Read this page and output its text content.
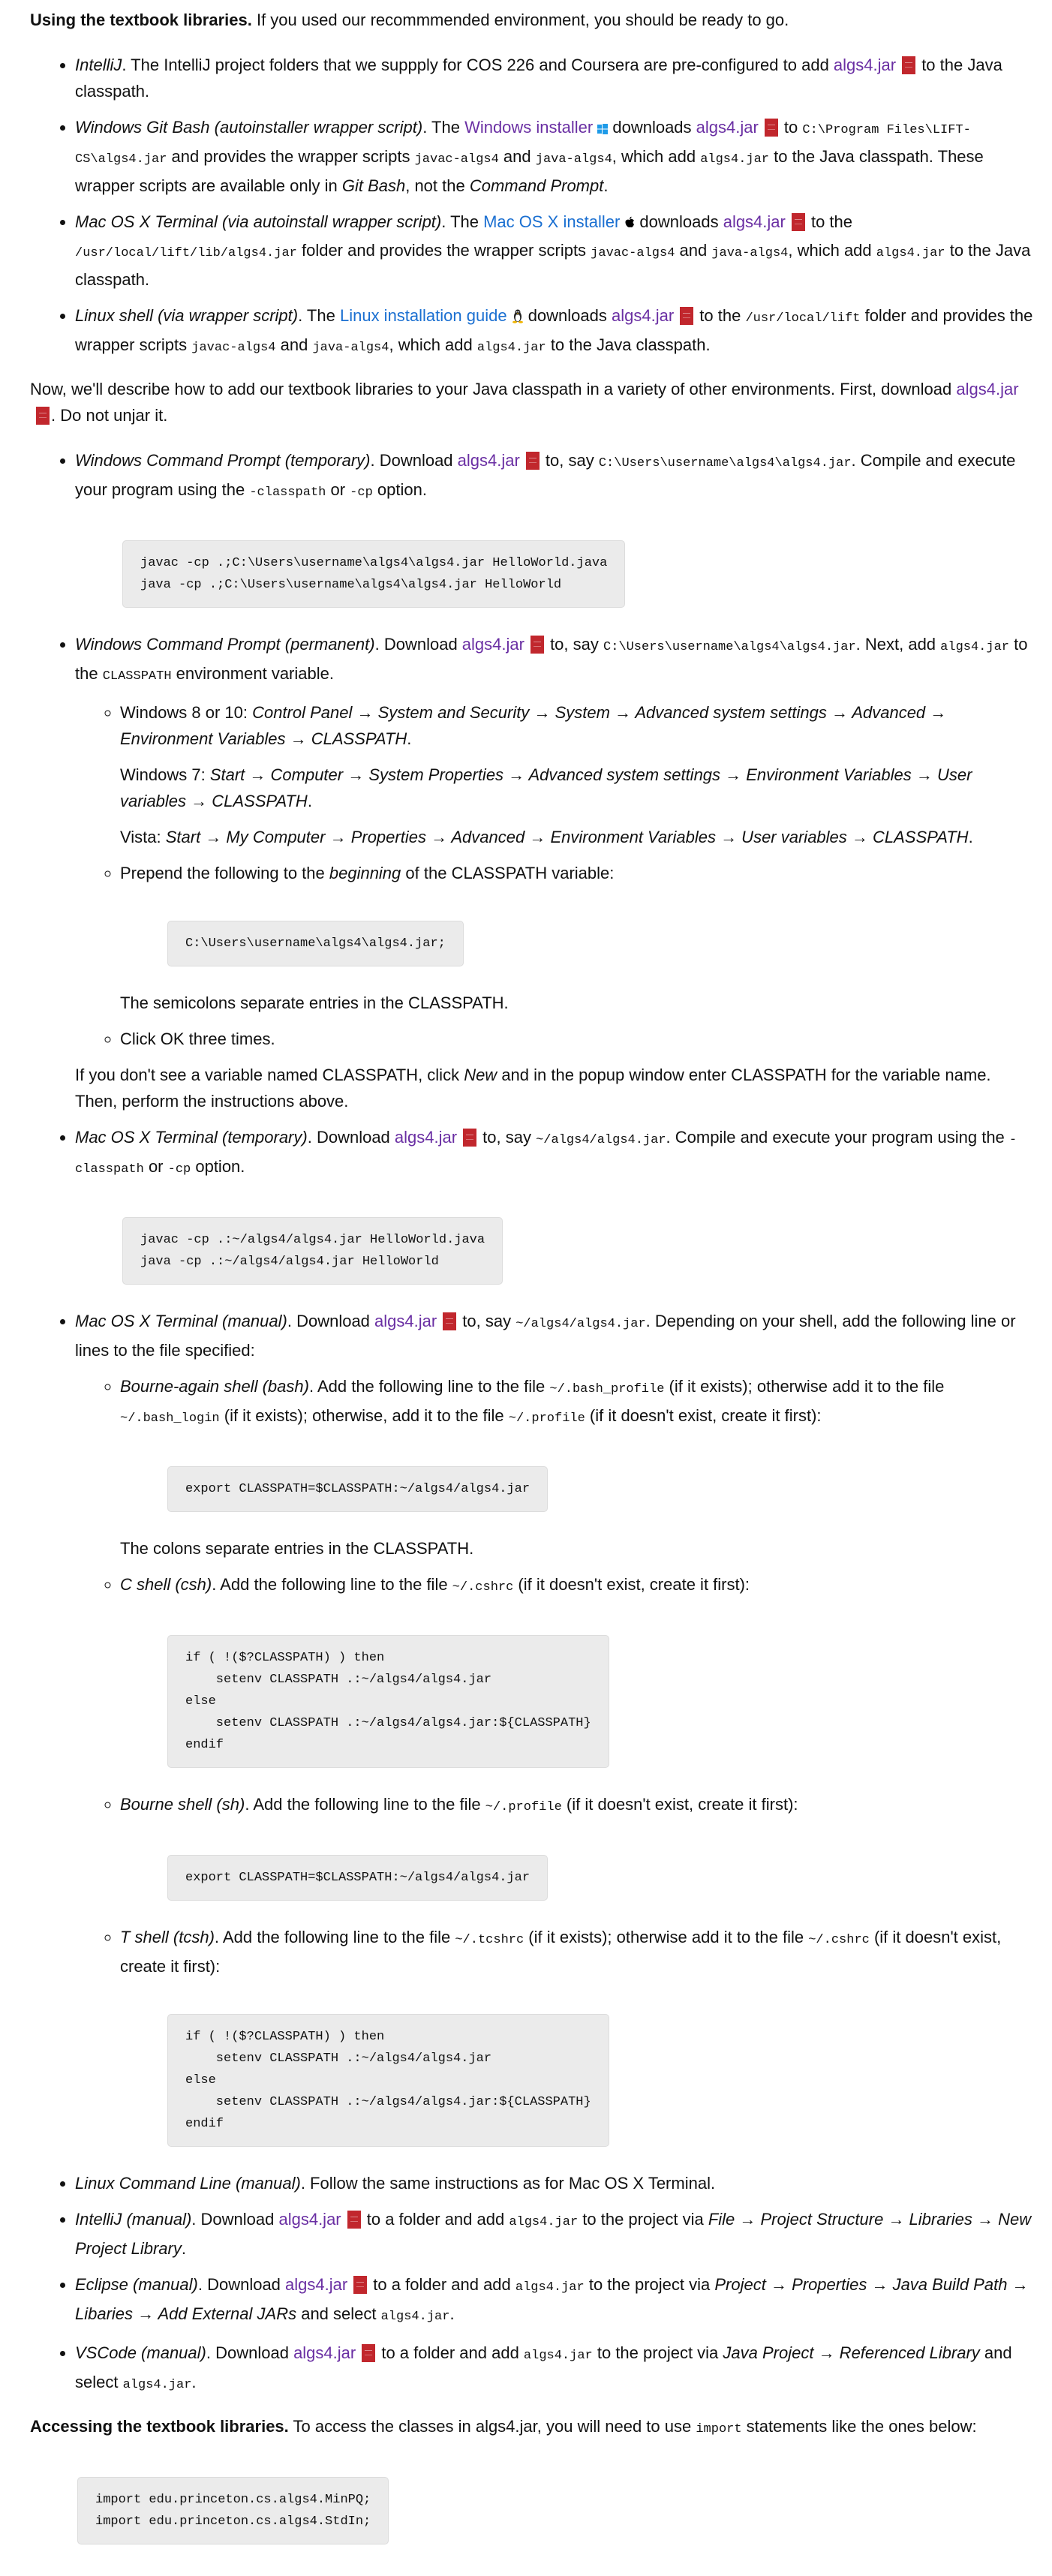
Using the textbook libraries. If you used our recommmended environment, you should be ready to go.

• IntelliJ. The IntelliJ project folders that we suppply for COS 226 and Coursera are pre-configured to add algs4.jar to the Java classpath.

• Windows Git Bash (autoinstaller wrapper script). The Windows installer downloads algs4.jar to C:\Program Files\LIFT-CS\algs4.jar and provides the wrapper scripts javac-algs4 and java-algs4, which add algs4.jar to the Java classpath. These wrapper scripts are available only in Git Bash, not the Command Prompt.

• Mac OS X Terminal (via autoinstall wrapper script). The Mac OS X installer downloads algs4.jar to the /usr/local/lift/lib/algs4.jar folder and provides the wrapper scripts javac-algs4 and java-algs4, which add algs4.jar to the Java classpath.

• Linux shell (via wrapper script). The Linux installation guide downloads algs4.jar to the /usr/local/lift folder and provides the wrapper scripts javac-algs4 and java-algs4, which add algs4.jar to the Java classpath.

Now, we'll describe how to add our textbook libraries to your Java classpath in a variety of other environments. First, download algs4.jar. Do not unjar it.

• Windows Command Prompt (temporary). Download algs4.jar to, say C:\Users\username\algs4\algs4.jar. Compile and execute your program using the -classpath or -cp option.

javac -cp .;C:\Users\username\algs4\algs4.jar HelloWorld.java
java -cp .;C:\Users\username\algs4\algs4.jar HelloWorld

• Windows Command Prompt (permanent). Download algs4.jar to, say C:\Users\username\algs4\algs4.jar. Next, add algs4.jar to the CLASSPATH environment variable.

◦ Windows 8 or 10: Control Panel → System and Security → System → Advanced system settings → Advanced → Environment Variables → CLASSPATH.

Windows 7: Start → Computer → System Properties → Advanced system settings → Environment Variables → User variables → CLASSPATH.

Vista: Start → My Computer → Properties → Advanced → Environment Variables → User variables → CLASSPATH.

◦ Prepend the following to the beginning of the CLASSPATH variable:

C:\Users\username\algs4\algs4.jar;

The semicolons separate entries in the CLASSPATH.

◦ Click OK three times.

If you don't see a variable named CLASSPATH, click New and in the popup window enter CLASSPATH for the variable name. Then, perform the instructions above.

• Mac OS X Terminal (temporary). Download algs4.jar to, say ~/algs4/algs4.jar. Compile and execute your program using the -classpath or -cp option.

javac -cp .:~/algs4/algs4.jar HelloWorld.java
java -cp .:~/algs4/algs4.jar HelloWorld

• Mac OS X Terminal (manual). Download algs4.jar to, say ~/algs4/algs4.jar. Depending on your shell, add the following line or lines to the file specified:

◦ Bourne-again shell (bash). Add the following line to the file ~/.bash_profile (if it exists); otherwise add it to the file ~/.bash_login (if it exists); otherwise, add it to the file ~/.profile (if it doesn't exist, create it first):

export CLASSPATH=$CLASSPATH:~/algs4/algs4.jar

The colons separate entries in the CLASSPATH.

◦ C shell (csh). Add the following line to the file ~/.cshrc (if it doesn't exist, create it first):

if ( !($?CLASSPATH) ) then
setenv CLASSPATH .:~/algs4/algs4.jar
else
setenv CLASSPATH .:~/algs4/algs4.jar:${CLASSPATH}
endif

◦ Bourne shell (sh). Add the following line to the file ~/.profile (if it doesn't exist, create it first):

export CLASSPATH=$CLASSPATH:~/algs4/algs4.jar

◦ T shell (tcsh). Add the following line to the file ~/.tcshrc (if it exists); otherwise add it to the file ~/.cshrc (if it doesn't exist, create it first):

if ( !($?CLASSPATH) ) then
setenv CLASSPATH .:~/algs4/algs4.jar
else
setenv CLASSPATH .:~/algs4/algs4.jar:${CLASSPATH}
endif

• Linux Command Line (manual). Follow the same instructions as for Mac OS X Terminal.

• IntelliJ (manual). Download algs4.jar to a folder and add algs4.jar to the project via File → Project Structure → Libraries → New Project Library.

• Eclipse (manual). Download algs4.jar to a folder and add algs4.jar to the project via Project → Properties → Java Build Path → Libaries → Add External JARs and select algs4.jar.

• VSCode (manual). Download algs4.jar to a folder and add algs4.jar to the project via Java Project → Referenced Library and select algs4.jar.

Accessing the textbook libraries. To access the classes in algs4.jar, you will need to use import statements like the ones below:

import edu.princeton.cs.algs4.MinPQ;
import edu.princeton.cs.algs4.StdIn;
